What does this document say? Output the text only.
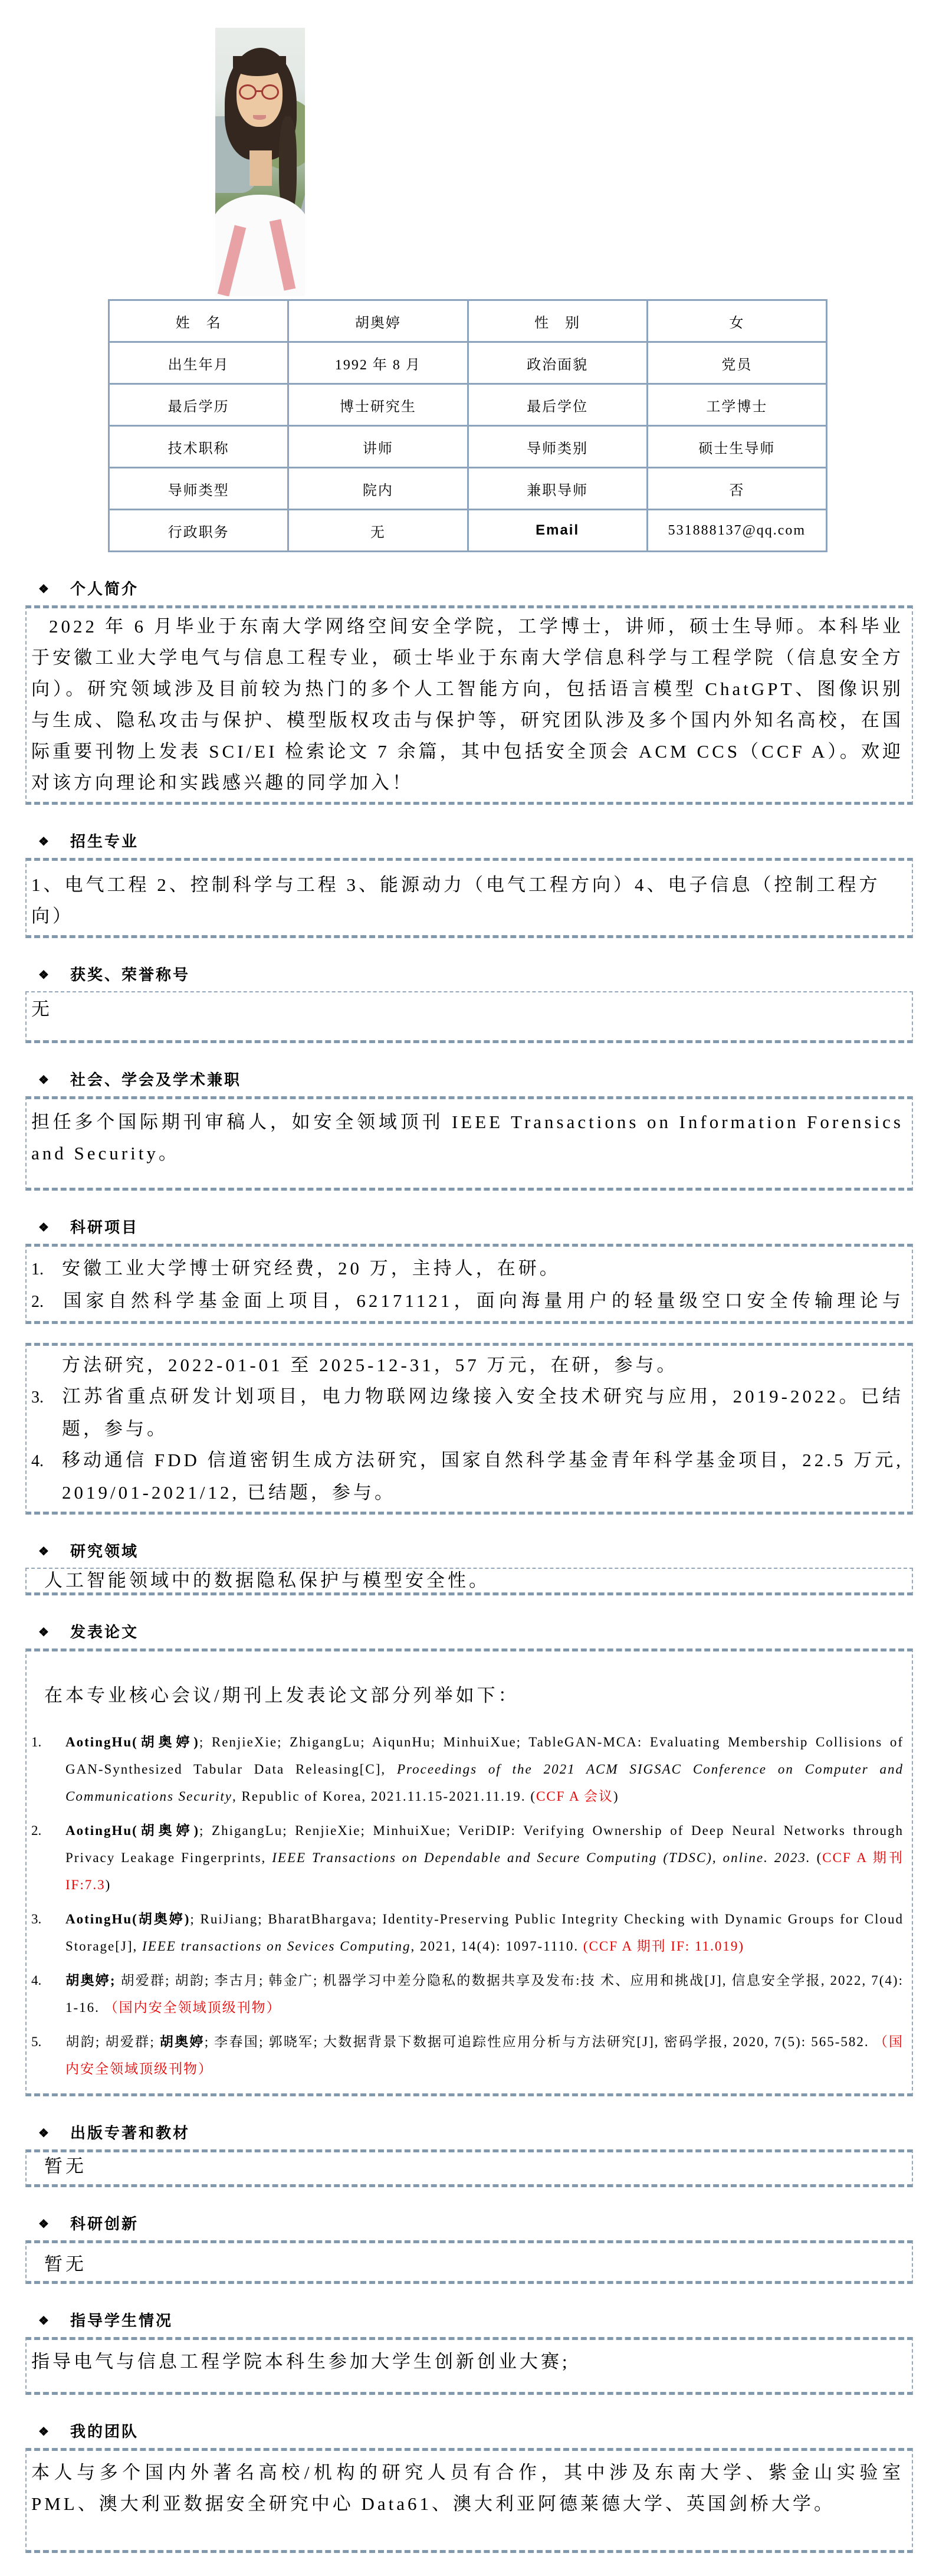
姓　名	胡奥婷	性　别	女
出生年月	1992 年 8 月	政治面貌	党员
最后学历	博士研究生	最后学位	工学博士
技术职称	讲师	导师类别	硕士生导师
导师类型	院内	兼职导师	否
行政职务	无	Email	531888137@qq.com
❖ 个人简介
2022 年 6 月毕业于东南大学网络空间安全学院，工学博士，讲师，硕士生导师。本科毕业于安徽工业大学电气与信息工程专业，硕士毕业于东南大学信息科学与工程学院（信息安全方向）。研究领域涉及目前较为热门的多个人工智能方向，包括语言模型 ChatGPT、图像识别与生成、隐私攻击与保护、模型版权攻击与保护等，研究团队涉及多个国内外知名高校，在国际重要刊物上发表 SCI/EI 检索论文 7 余篇，其中包括安全顶会 ACM CCS（CCF A）。欢迎对该方向理论和实践感兴趣的同学加入！
❖ 招生专业
1、电气工程 2、控制科学与工程 3、能源动力（电气工程方向）4、电子信息（控制工程方向）
❖ 获奖、荣誉称号
无
❖ 社会、学会及学术兼职
担任多个国际期刊审稿人，如安全领域顶刊 IEEE Transactions on Information Forensics and Security。
❖ 科研项目
1. 安徽工业大学博士研究经费，20 万，主持人，在研。
2. 国家自然科学基金面上项目，62171121，面向海量用户的轻量级空口安全传输理论与
方法研究，2022-01-01 至 2025-12-31，57 万元，在研，参与。
3. 江苏省重点研发计划项目，电力物联网边缘接入安全技术研究与应用，2019-2022。已结题，参与。
4. 移动通信 FDD 信道密钥生成方法研究，国家自然科学基金青年科学基金项目，22.5 万元, 2019/01-2021/12, 已结题，参与。
❖ 研究领域
人工智能领域中的数据隐私保护与模型安全性。
❖ 发表论文
在本专业核心会议/期刊上发表论文部分列举如下：
1. AotingHu(胡奥婷); RenjieXie; ZhigangLu; AiqunHu; MinhuiXue; TableGAN-MCA: Evaluating Membership Collisions of GAN-Synthesized Tabular Data Releasing[C], Proceedings of the 2021 ACM SIGSAC Conference on Computer and Communications Security, Republic of Korea, 2021.11.15-2021.11.19. (CCF A 会议)
2. AotingHu(胡奥婷); ZhigangLu; RenjieXie; MinhuiXue; VeriDIP: Verifying Ownership of Deep Neural Networks through Privacy Leakage Fingerprints, IEEE Transactions on Dependable and Secure Computing (TDSC), online. 2023. (CCF A 期刊 IF:7.3)
3. AotingHu(胡奥婷); RuiJiang; BharatBhargava; Identity-Preserving Public Integrity Checking with Dynamic Groups for Cloud Storage[J], IEEE transactions on Sevices Computing, 2021, 14(4): 1097-1110. (CCF A 期刊 IF: 11.019)
4. 胡奥婷; 胡爱群; 胡韵; 李古月; 韩金广; 机器学习中差分隐私的数据共享及发布:技 术、应用和挑战[J], 信息安全学报, 2022, 7(4): 1-16. （国内安全领域顶级刊物）
5. 胡韵; 胡爱群; 胡奥婷; 李春国; 郭晓军; 大数据背景下数据可追踪性应用分析与方法研究[J], 密码学报, 2020, 7(5): 565-582. （国内安全领域顶级刊物）
❖ 出版专著和教材
暂无
❖ 科研创新
暂无
❖ 指导学生情况
指导电气与信息工程学院本科生参加大学生创新创业大赛;
❖ 我的团队
本人与多个国内外著名高校/机构的研究人员有合作，其中涉及东南大学、紫金山实验室PML、澳大利亚数据安全研究中心 Data61、澳大利亚阿德莱德大学、英国剑桥大学。
